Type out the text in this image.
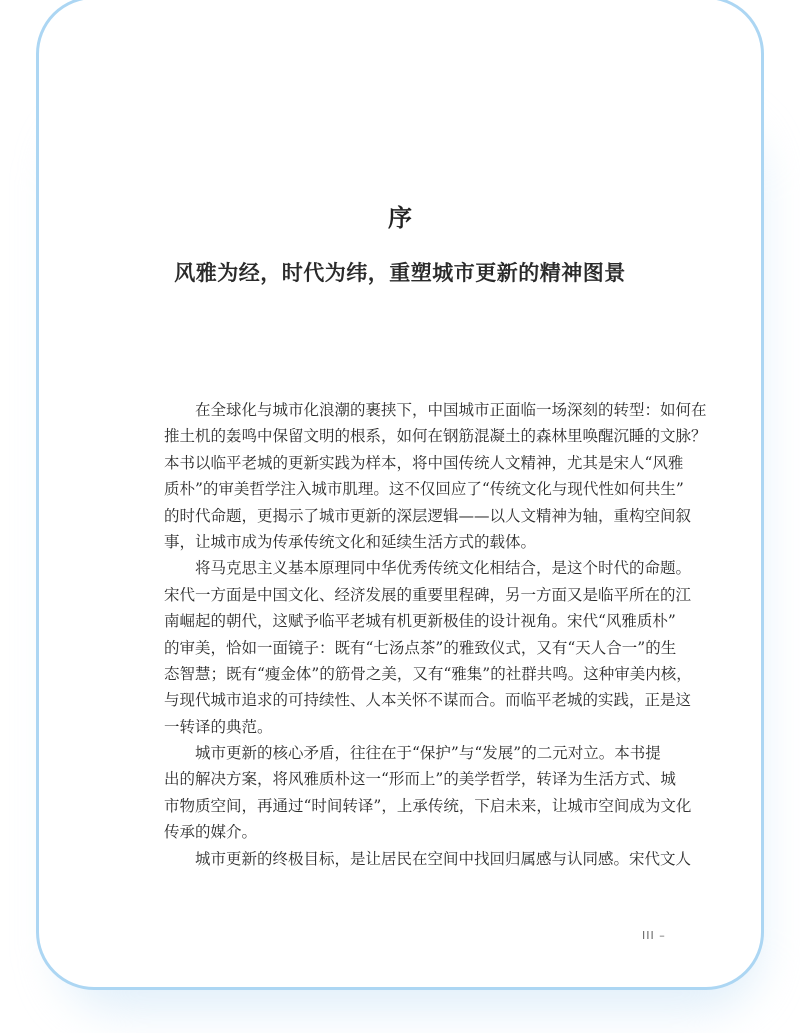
序
风雅为经，时代为纬，重塑城市更新的精神图景
在全球化与城市化浪潮的裹挟下，中国城市正面临一场深刻的转型：如何在
推土机的轰鸣中保留文明的根系，如何在钢筋混凝土的森林里唤醒沉睡的文脉？
本书以临平老城的更新实践为样本，将中国传统人文精神，尤其是宋人“风雅
质朴”的审美哲学注入城市肌理。这不仅回应了“传统文化与现代性如何共生”
的时代命题，更揭示了城市更新的深层逻辑——以人文精神为轴，重构空间叙
事，让城市成为传承传统文化和延续生活方式的载体。
将马克思主义基本原理同中华优秀传统文化相结合，是这个时代的命题。
宋代一方面是中国文化、经济发展的重要里程碑，另一方面又是临平所在的江
南崛起的朝代，这赋予临平老城有机更新极佳的设计视角。宋代“风雅质朴”
的审美，恰如一面镜子：既有“七汤点茶”的雅致仪式，又有“天人合一”的生
态智慧；既有“瘦金体”的筋骨之美，又有“雅集”的社群共鸣。这种审美内核，
与现代城市追求的可持续性、人本关怀不谋而合。而临平老城的实践，正是这
一转译的典范。
城市更新的核心矛盾，往往在于“保护”与“发展”的二元对立。本书提
出的解决方案，将风雅质朴这一“形而上”的美学哲学，转译为生活方式、城
市物质空间，再通过“时间转译”，上承传统，下启未来，让城市空间成为文化
传承的媒介。
城市更新的终极目标，是让居民在空间中找回归属感与认同感。宋代文人
III –
